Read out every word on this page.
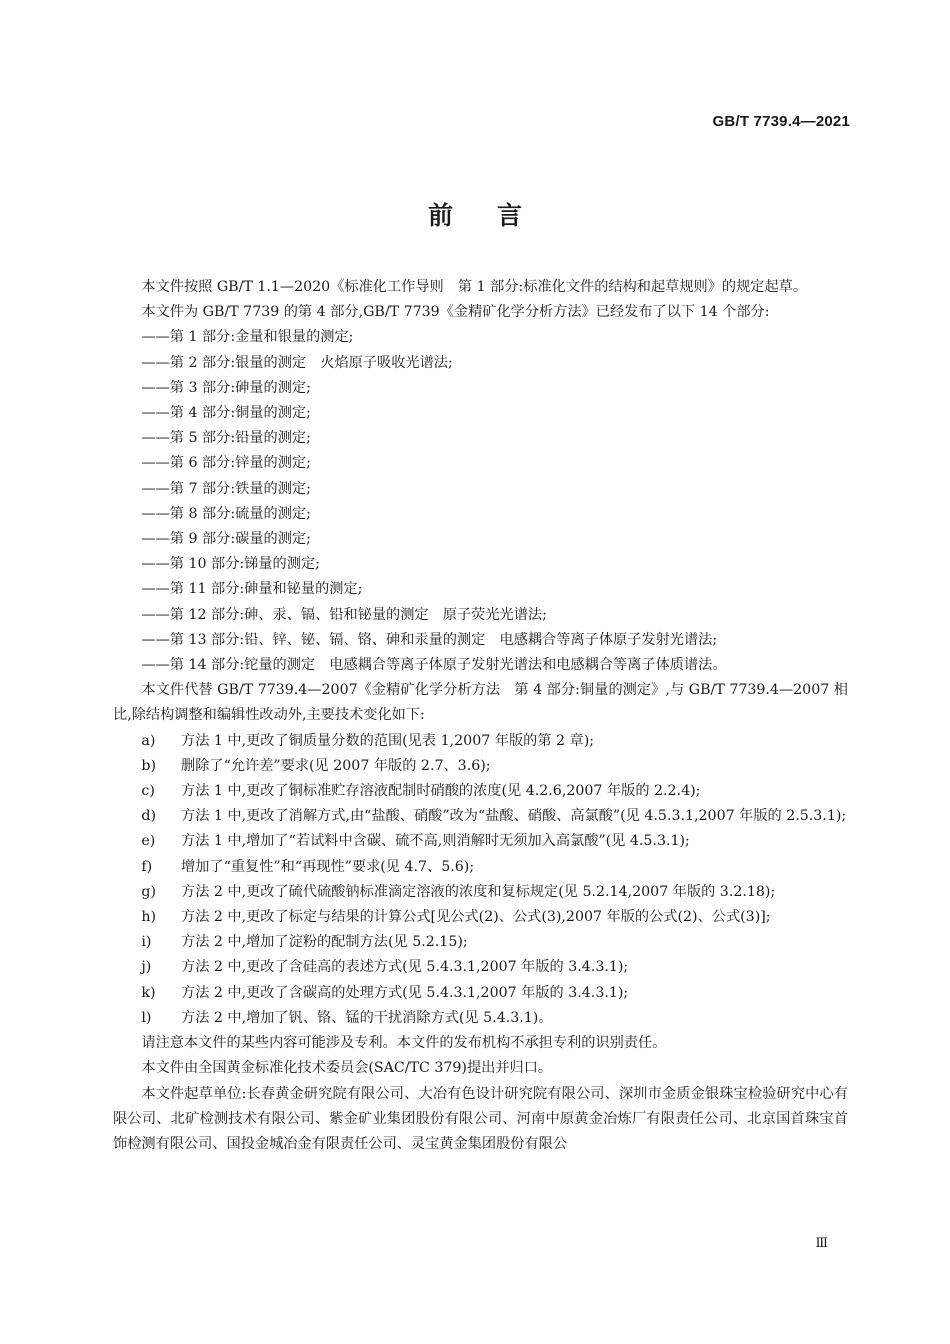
GB/T 7739.4—2021
前言

本文件按照 GB/T 1.1—2020《标准化工作导则　第 1 部分:标准化文件的结构和起草规则》的规定起草。

本文件为 GB/T 7739 的第 4 部分,GB/T 7739《金精矿化学分析方法》已经发布了以下 14 个部分:

——第 1 部分:金量和银量的测定;

——第 2 部分:银量的测定　火焰原子吸收光谱法;

——第 3 部分:砷量的测定;

——第 4 部分:铜量的测定;

——第 5 部分:铅量的测定;

——第 6 部分:锌量的测定;

——第 7 部分:铁量的测定;

——第 8 部分:硫量的测定;

——第 9 部分:碳量的测定;

——第 10 部分:锑量的测定;

——第 11 部分:砷量和铋量的测定;

——第 12 部分:砷、汞、镉、铅和铋量的测定　原子荧光光谱法;

——第 13 部分:铅、锌、铋、镉、铬、砷和汞量的测定　电感耦合等离子体原子发射光谱法;

——第 14 部分:铊量的测定　电感耦合等离子体原子发射光谱法和电感耦合等离子体质谱法。

本文件代替 GB/T 7739.4—2007《金精矿化学分析方法　第 4 部分:铜量的测定》,与 GB/T 7739.4—2007 相比,除结构调整和编辑性改动外,主要技术变化如下:

a)	方法 1 中,更改了铜质量分数的范围(见表 1,2007 年版的第 2 章);
b)	删除了“允许差”要求(见 2007 年版的 2.7、3.6);
c)	方法 1 中,更改了铜标准贮存溶液配制时硝酸的浓度(见 4.2.6,2007 年版的 2.2.4);
d)	方法 1 中,更改了消解方式,由“盐酸、硝酸”改为“盐酸、硝酸、高氯酸”(见 4.5.3.1,2007 年版的 2.5.3.1);
e)	方法 1 中,增加了“若试料中含碳、硫不高,则消解时无须加入高氯酸”(见 4.5.3.1);
f)	增加了“重复性”和“再现性”要求(见 4.7、5.6);
g)	方法 2 中,更改了硫代硫酸钠标准滴定溶液的浓度和复标规定(见 5.2.14,2007 年版的 3.2.18);
h)	方法 2 中,更改了标定与结果的计算公式[见公式(2)、公式(3),2007 年版的公式(2)、公式(3)];
i)	方法 2 中,增加了淀粉的配制方法(见 5.2.15);
j)	方法 2 中,更改了含硅高的表述方式(见 5.4.3.1,2007 年版的 3.4.3.1);
k)	方法 2 中,更改了含碳高的处理方式(见 5.4.3.1,2007 年版的 3.4.3.1);
l)	方法 2 中,增加了钒、铬、锰的干扰消除方式(见 5.4.3.1)。

请注意本文件的某些内容可能涉及专利。本文件的发布机构不承担专利的识别责任。

本文件由全国黄金标准化技术委员会(SAC/TC 379)提出并归口。

本文件起草单位:长春黄金研究院有限公司、大冶有色设计研究院有限公司、深圳市金质金银珠宝检验研究中心有限公司、北矿检测技术有限公司、紫金矿业集团股份有限公司、河南中原黄金冶炼厂有限责任公司、北京国首珠宝首饰检测有限公司、国投金城冶金有限责任公司、灵宝黄金集团股份有限公

Ⅲ
